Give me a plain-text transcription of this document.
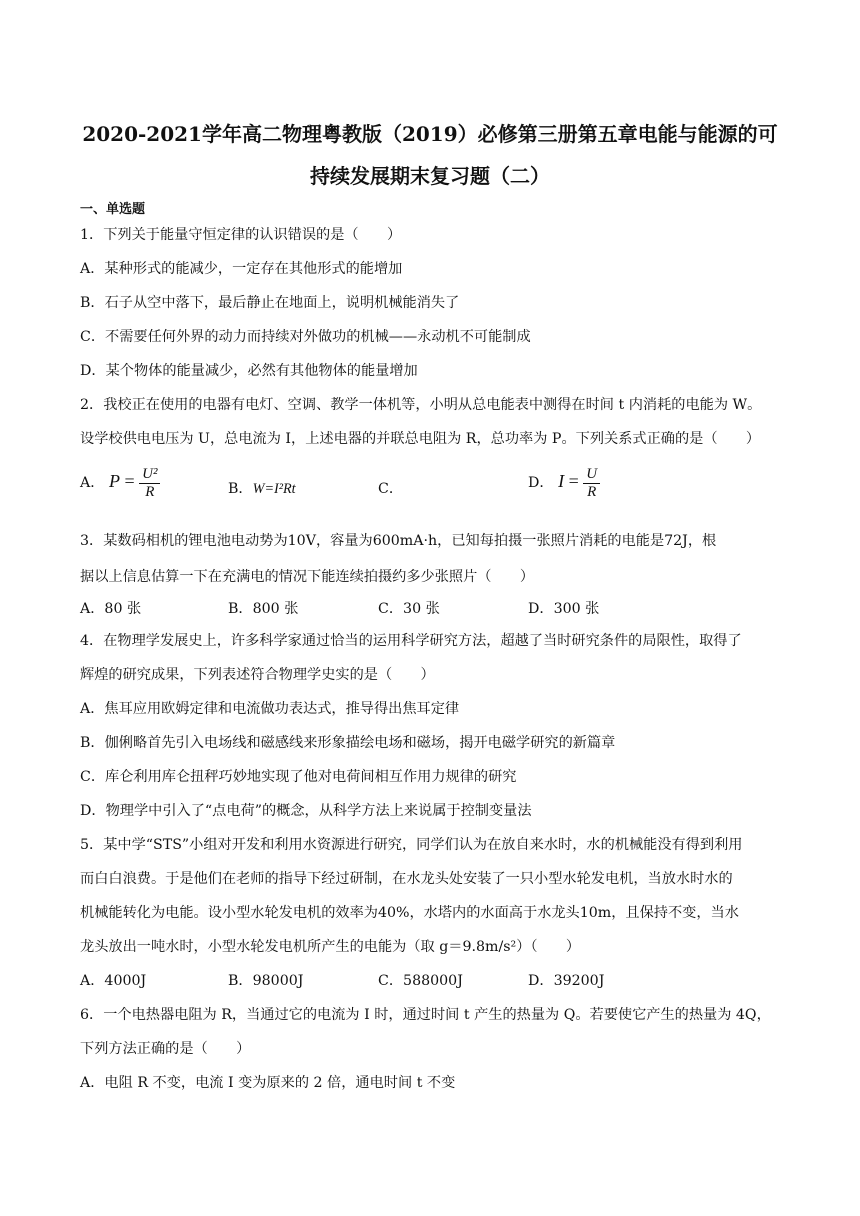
2020-2021学年高二物理粤教版（2019）必修第三册第五章电能与能源的可
持续发展期末复习题（二）
一、单选题
1．下列关于能量守恒定律的认识错误的是（　　）
A．某种形式的能减少，一定存在其他形式的能增加
B．石子从空中落下，最后静止在地面上，说明机械能消失了
C．不需要任何外界的动力而持续对外做功的机械——永动机不可能制成
D．某个物体的能量减少，必然有其他物体的能量增加
2．我校正在使用的电器有电灯、空调、教学一体机等，小明从总电能表中测得在时间 t 内消耗的电能为 W。
设学校供电电压为 U，总电流为 I，上述电器的并联总电阻为 R，总功率为 P。下列关系式正确的是（　　）
A． $P = \frac{\text{U²}}{R}$	B．W=I²Rt	C．	D． $I = \frac{U}{R}$
3．某数码相机的锂电池电动势为10V，容量为600mA·h，已知每拍摄一张照片消耗的电能是72J，根
据以上信息估算一下在充满电的情况下能连续拍摄约多少张照片（　　）
A．80 张	B．800 张	C．30 张	D．300 张
4．在物理学发展史上，许多科学家通过恰当的运用科学研究方法，超越了当时研究条件的局限性，取得了
辉煌的研究成果，下列表述符合物理学史实的是（　　）
A．焦耳应用欧姆定律和电流做功表达式，推导得出焦耳定律
B．伽俐略首先引入电场线和磁感线来形象描绘电场和磁场，揭开电磁学研究的新篇章
C．库仑利用库仑扭秤巧妙地实现了他对电荷间相互作用力规律的研究
D．物理学中引入了“点电荷”的概念，从科学方法上来说属于控制变量法
5．某中学“STS”小组对开发和利用水资源进行研究，同学们认为在放自来水时，水的机械能没有得到利用
而白白浪费。于是他们在老师的指导下经过研制，在水龙头处安装了一只小型水轮发电机，当放水时水的
机械能转化为电能。设小型水轮发电机的效率为40%，水塔内的水面高于水龙头10m，且保持不变，当水
龙头放出一吨水时，小型水轮发电机所产生的电能为（取 g＝9.8m/s²）（　　）
A．4000J	B．98000J	C．588000J	D．39200J
6．一个电热器电阻为 R，当通过它的电流为 I 时，通过时间 t 产生的热量为 Q。若要使它产生的热量为 4Q，
下列方法正确的是（　　）
A．电阻 R 不变，电流 I 变为原来的 2 倍，通电时间 t 不变
